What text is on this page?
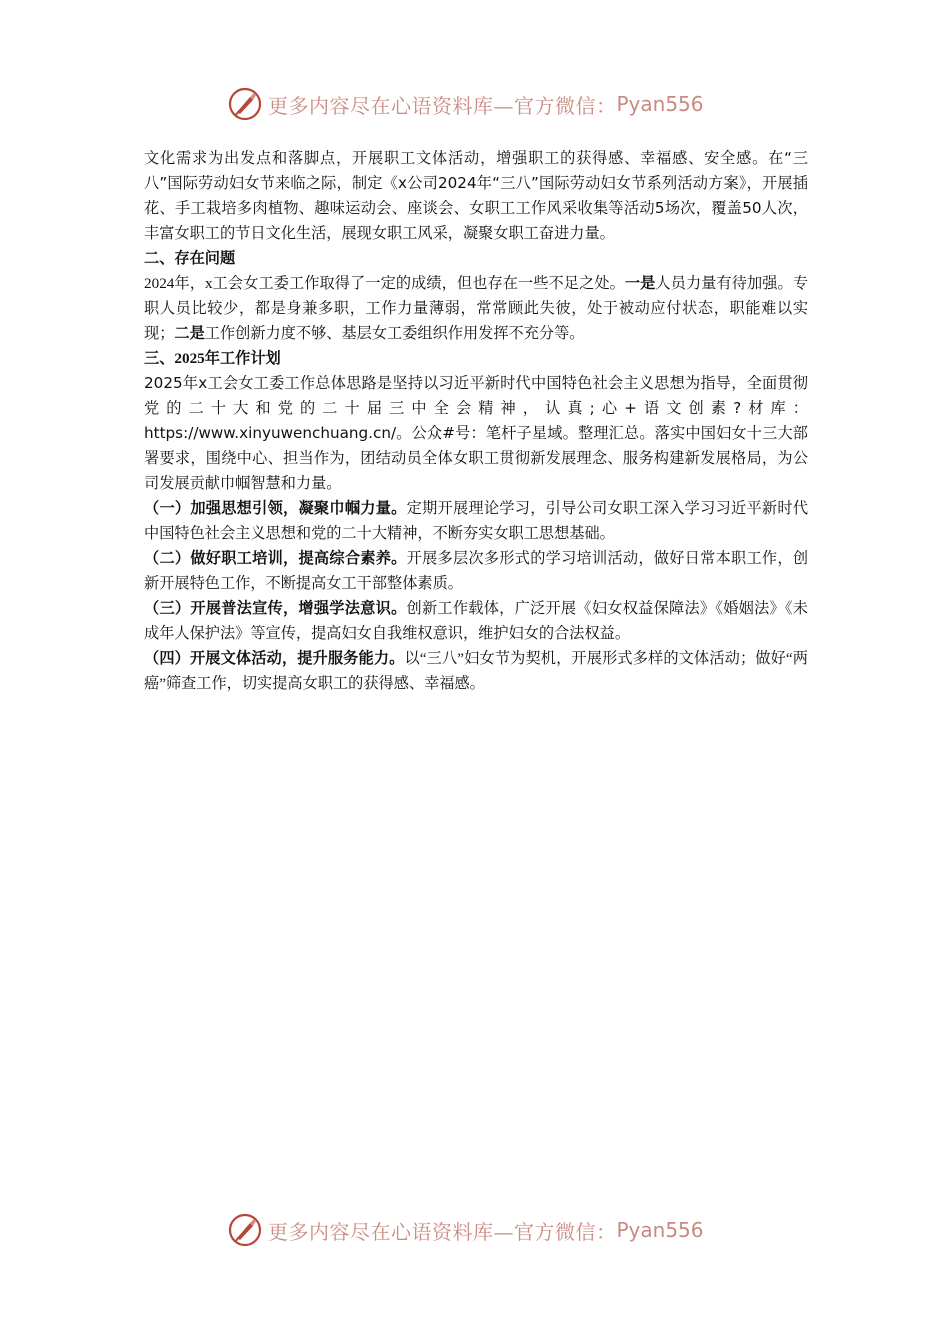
更多内容尽在心语资料库—官方微信： Pyan556

文化需求为出发点和落脚点，开展职工文体活动，增强职工的获得感、幸福感、安全感。在“三八”国际劳动妇女节来临之际，制定《x公司2024年“三八”国际劳动妇女节系列活动方案》，开展插花、手工栽培多肉植物、趣味运动会、座谈会、女职工工作风采收集等活动5场次，覆盖50人次，丰富女职工的节日文化生活，展现女职工风采，凝聚女职工奋进力量。

二、存在问题

2024年，x工会女工委工作取得了一定的成绩，但也存在一些不足之处。一是人员力量有待加强。专职人员比较少，都是身兼多职，工作力量薄弱，常常顾此失彼，处于被动应付状态，职能难以实现；二是工作创新力度不够、基层女工委组织作用发挥不充分等。

三、2025年工作计划

2025年x工会女工委工作总体思路是坚持以习近平新时代中国特色社会主义思想为指导，全面贯彻党的二十大和党的二十届三中全会精神，认真;心+语文创素?材库：https://www.xinyuwenchuang.cn/。公众#号：笔杆子星域。整理汇总。落实中国妇女十三大部署要求，围绕中心、担当作为，团结动员全体女职工贯彻新发展理念、服务构建新发展格局，为公司发展贡献巾帼智慧和力量。

（一）加强思想引领，凝聚巾帼力量。定期开展理论学习，引导公司女职工深入学习习近平新时代中国特色社会主义思想和党的二十大精神，不断夯实女职工思想基础。

（二）做好职工培训，提高综合素养。开展多层次多形式的学习培训活动，做好日常本职工作，创新开展特色工作，不断提高女工干部整体素质。

（三）开展普法宣传，增强学法意识。创新工作载体，广泛开展《妇女权益保障法》《婚姻法》《未成年人保护法》等宣传，提高妇女自我维权意识，维护妇女的合法权益。

（四）开展文体活动，提升服务能力。以“三八”妇女节为契机，开展形式多样的文体活动；做好“两癌”筛查工作，切实提高女职工的获得感、幸福感。

更多内容尽在心语资料库—官方微信： Pyan556
